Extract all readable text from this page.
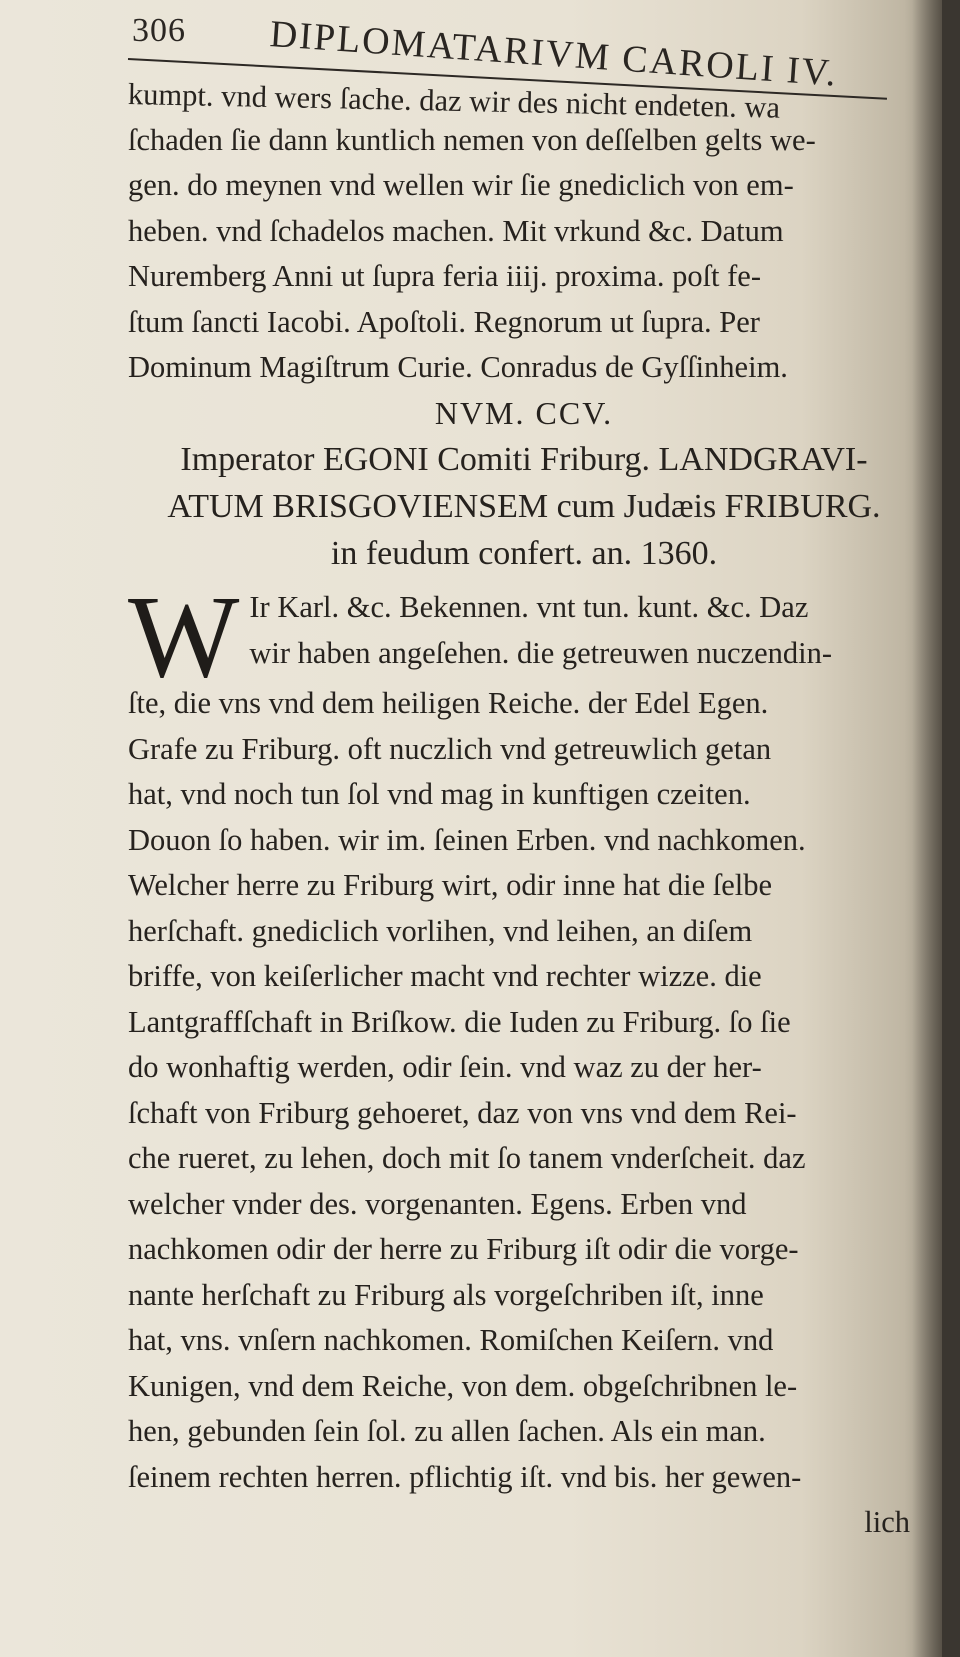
306 DIPLOMATARIVM CAROLI IV.
kumpt. vnd wers ſache. daz wir des nicht endeten. wa
ſchaden ſie dann kuntlich nemen von deſſelben gelts we-
gen. do meynen vnd wellen wir ſie gnediclich von em-
heben. vnd ſchadelos machen. Mit vrkund &c. Datum
Nuremberg Anni ut ſupra feria iiij. proxima. poſt fe-
ſtum ſancti Iacobi. Apoſtoli. Regnorum ut ſupra. Per
Dominum Magiſtrum Curie. Conradus de Gyſſinheim.
NVM. CCV.
Imperator EGONI Comiti Friburg. LANDGRAVI-
ATUM BRISGOVIENSEM cum Judæis FRIBURG.
in feudum confert. an. 1360.
W Ir Karl. &c. Bekennen. vnt tun. kunt. &c. Daz
wir haben angeſehen. die getreuwen nuczendin-
ſte, die vns vnd dem heiligen Reiche. der Edel Egen.
Grafe zu Friburg. oft nuczlich vnd getreuwlich getan
hat, vnd noch tun ſol vnd mag in kunftigen czeiten.
Douon ſo haben. wir im. ſeinen Erben. vnd nachkomen.
Welcher herre zu Friburg wirt, odir inne hat die ſelbe
herſchaft. gnediclich vorlihen, vnd leihen, an diſem
briffe, von keiſerlicher macht vnd rechter wizze. die
Lantgraffſchaft in Briſkow. die Iuden zu Friburg. ſo ſie
do wonhaftig werden, odir ſein. vnd waz zu der her-
ſchaft von Friburg gehoeret, daz von vns vnd dem Rei-
che rueret, zu lehen, doch mit ſo tanem vnderſcheit. daz
welcher vnder des. vorgenanten. Egens. Erben vnd
nachkomen odir der herre zu Friburg iſt odir die vorge-
nante herſchaft zu Friburg als vorgeſchriben iſt, inne
hat, vns. vnſern nachkomen. Romiſchen Keiſern. vnd
Kunigen, vnd dem Reiche, von dem. obgeſchribnen le-
hen, gebunden ſein ſol. zu allen ſachen. Als ein man.
ſeinem rechten herren. pflichtig iſt. vnd bis. her gewen-
lich
